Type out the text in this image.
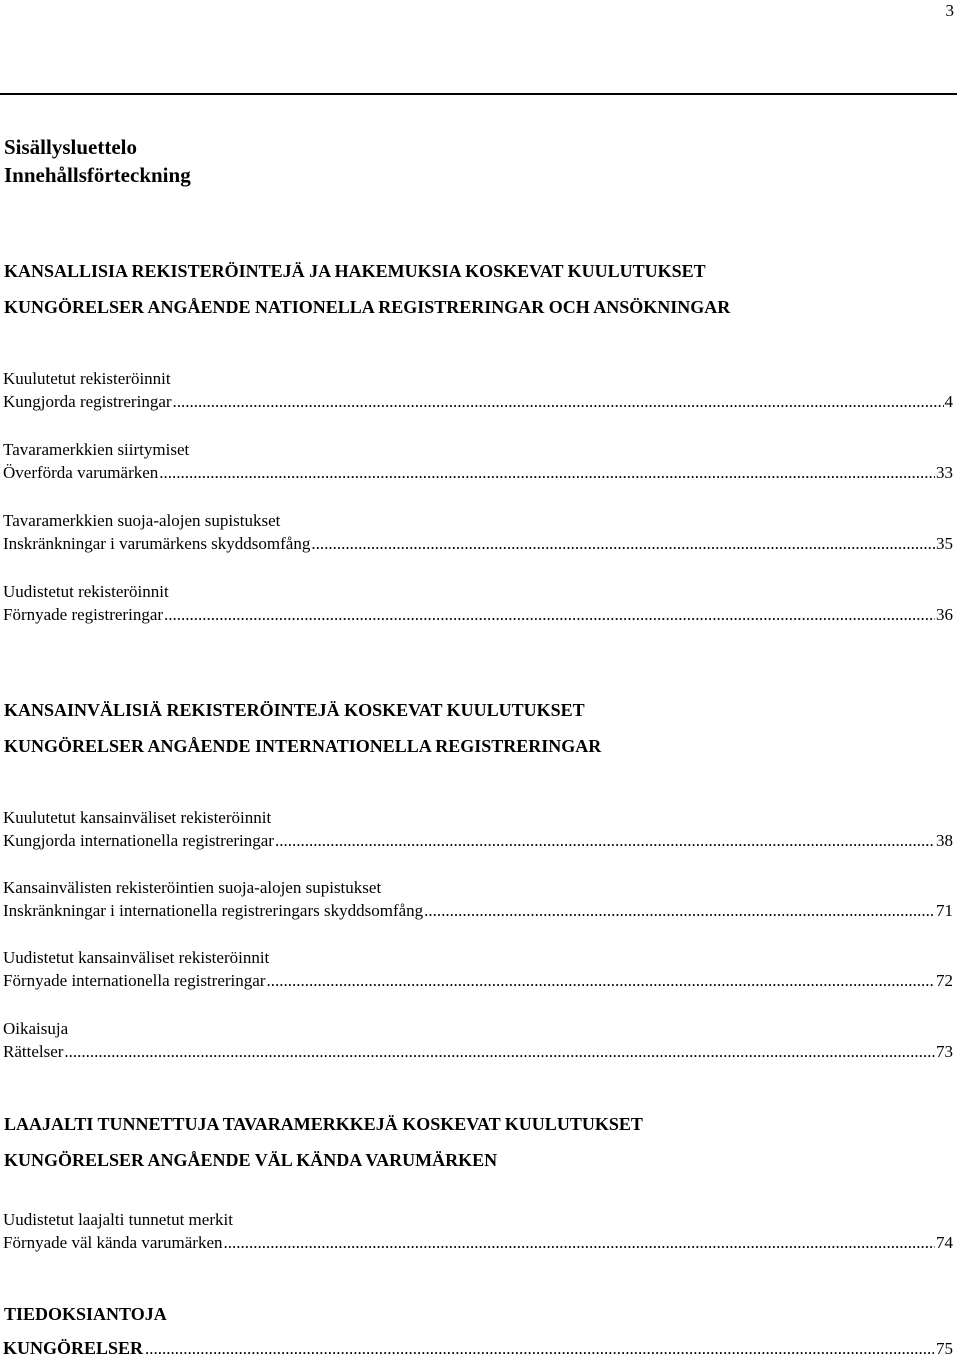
3
Sisällysluettelo
Innehållsförteckning
KANSALLISIA REKISTERÖINTEJÄ JA HAKEMUKSIA KOSKEVAT KUULUTUKSET
KUNGÖRELSER ANGÅENDE NATIONELLA REGISTRERINGAR OCH ANSÖKNINGAR
Kuulutetut rekisteröinnit
Kungjorda registreringar .....	4
Tavaramerkkien siirtymiset
Överförda varumärken .....	33
Tavaramerkkien suoja-alojen supistukset
Inskränkningar i varumärkens skyddsomfång .....	35
Uudistetut rekisteröinnit
Förnyade registreringar .....	36
KANSAINVÄLISIÄ REKISTERÖINTEJÄ KOSKEVAT KUULUTUKSET
KUNGÖRELSER ANGÅENDE INTERNATIONELLA REGISTRERINGAR
Kuulutetut kansainväliset rekisteröinnit
Kungjorda internationella registreringar .....	38
Kansainvälisten rekisteröintien suoja-alojen supistukset
Inskränkningar i internationella registreringars skyddsomfång .....	71
Uudistetut kansainväliset rekisteröinnit
Förnyade internationella registreringar .....	72
Oikaisuja
Rättelser .....	73
LAAJALTI TUNNETTUJA TAVARAMERKKEJÄ KOSKEVAT KUULUTUKSET
KUNGÖRELSER ANGÅENDE VÄL KÄNDA VARUMÄRKEN
Uudistetut laajalti tunnetut merkit
Förnyade väl kända varumärken .....	74
TIEDOKSIANTOJA
KUNGÖRELSER .....	75
